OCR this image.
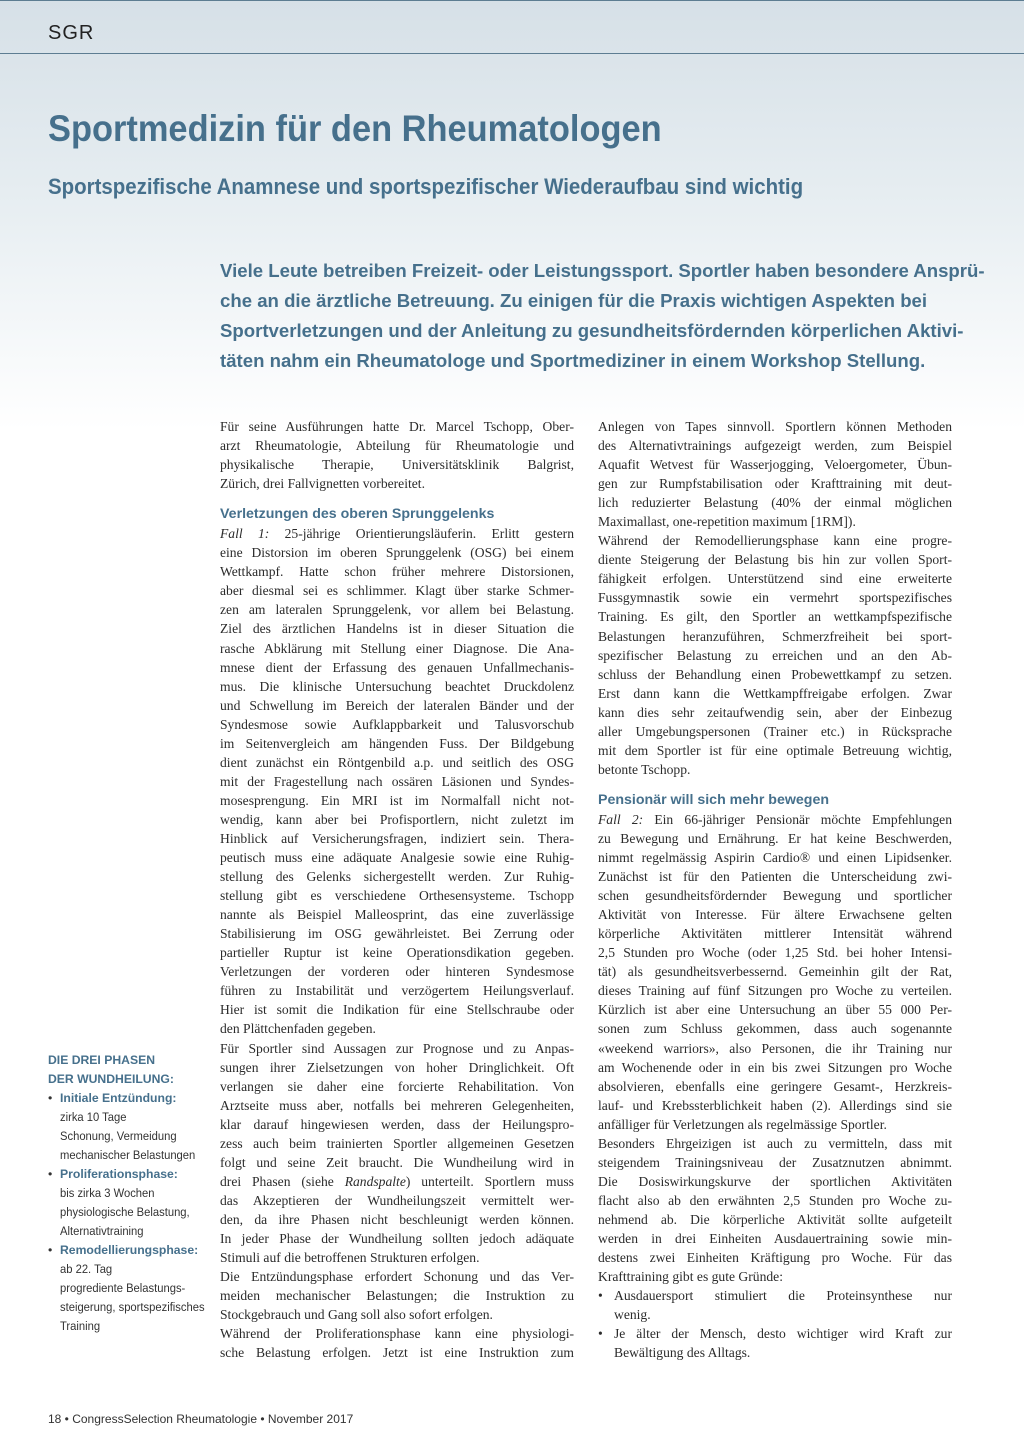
SGR
Sportmedizin für den Rheumatologen
Sportspezifische Anamnese und sportspezifischer Wiederaufbau sind wichtig
Viele Leute betreiben Freizeit- oder Leistungssport. Sportler haben besondere Ansprü-
che an die ärztliche Betreuung. Zu einigen für die Praxis wichtigen Aspekten bei
Sportverletzungen und der Anleitung zu gesundheitsfördernden körperlichen Aktivi-
täten nahm ein Rheumatologe und Sportmediziner in einem Workshop Stellung.
Für seine Ausführungen hatte Dr. Marcel Tschopp, Ober-
arzt Rheumatologie, Abteilung für Rheumatologie und
physikalische Therapie, Universitätsklinik Balgrist,
Zürich, drei Fallvignetten vorbereitet.
Verletzungen des oberen Sprunggelenks
Fall 1: 25-jährige Orientierungsläuferin. Erlitt gestern
eine Distorsion im oberen Sprunggelenk (OSG) bei einem
Wettkampf. Hatte schon früher mehrere Distorsionen,
aber diesmal sei es schlimmer. Klagt über starke Schmer-
zen am lateralen Sprunggelenk, vor allem bei Belastung.
Ziel des ärztlichen Handelns ist in dieser Situation die
rasche Abklärung mit Stellung einer Diagnose. Die Ana-
mnese dient der Erfassung des genauen Unfallmechanis-
mus. Die klinische Untersuchung beachtet Druckdolenz
und Schwellung im Bereich der lateralen Bänder und der
Syndesmose sowie Aufklappbarkeit und Talusvorschub
im Seitenvergleich am hängenden Fuss. Der Bildgebung
dient zunächst ein Röntgenbild a.p. und seitlich des OSG
mit der Fragestellung nach ossären Läsionen und Syndes-
mosesprengung. Ein MRI ist im Normalfall nicht not-
wendig, kann aber bei Profisportlern, nicht zuletzt im
Hinblick auf Versicherungsfragen, indiziert sein. Thera-
peutisch muss eine adäquate Analgesie sowie eine Ruhig-
stellung des Gelenks sichergestellt werden. Zur Ruhig-
stellung gibt es verschiedene Orthesensysteme. Tschopp
nannte als Beispiel Malleosprint, das eine zuverlässige
Stabilisierung im OSG gewährleistet. Bei Zerrung oder
partieller Ruptur ist keine Operationsdikation gegeben.
Verletzungen der vorderen oder hinteren Syndesmose
führen zu Instabilität und verzögertem Heilungsverlauf.
Hier ist somit die Indikation für eine Stellschraube oder
den Plättchenfaden gegeben.
Für Sportler sind Aussagen zur Prognose und zu Anpas-
sungen ihrer Zielsetzungen von hoher Dringlichkeit. Oft
verlangen sie daher eine forcierte Rehabilitation. Von
Arztseite muss aber, notfalls bei mehreren Gelegenheiten,
klar darauf hingewiesen werden, dass der Heilungspro-
zess auch beim trainierten Sportler allgemeinen Gesetzen
folgt und seine Zeit braucht. Die Wundheilung wird in
drei Phasen (siehe Randspalte) unterteilt. Sportlern muss
das Akzeptieren der Wundheilungszeit vermittelt wer-
den, da ihre Phasen nicht beschleunigt werden können.
In jeder Phase der Wundheilung sollten jedoch adäquate
Stimuli auf die betroffenen Strukturen erfolgen.
Die Entzündungsphase erfordert Schonung und das Ver-
meiden mechanischer Belastungen; die Instruktion zu
Stockgebrauch und Gang soll also sofort erfolgen.
Während der Proliferationsphase kann eine physiologi-
sche Belastung erfolgen. Jetzt ist eine Instruktion zum
Anlegen von Tapes sinnvoll. Sportlern können Methoden
des Alternativtrainings aufgezeigt werden, zum Beispiel
Aquafit Wetvest für Wasserjogging, Veloergometer, Übun-
gen zur Rumpfstabilisation oder Krafttraining mit deut-
lich reduzierter Belastung (40% der einmal möglichen
Maximallast, one-repetition maximum [1RM]).
Während der Remodellierungsphase kann eine progre-
diente Steigerung der Belastung bis hin zur vollen Sport-
fähigkeit erfolgen. Unterstützend sind eine erweiterte
Fussgymnastik sowie ein vermehrt sportspezifisches
Training. Es gilt, den Sportler an wettkampfspezifische
Belastungen heranzuführen, Schmerzfreiheit bei sport-
spezifischer Belastung zu erreichen und an den Ab-
schluss der Behandlung einen Probewettkampf zu setzen.
Erst dann kann die Wettkampffreigabe erfolgen. Zwar
kann dies sehr zeitaufwendig sein, aber der Einbezug
aller Umgebungspersonen (Trainer etc.) in Rücksprache
mit dem Sportler ist für eine optimale Betreuung wichtig,
betonte Tschopp.
Pensionär will sich mehr bewegen
Fall 2: Ein 66-jähriger Pensionär möchte Empfehlungen
zu Bewegung und Ernährung. Er hat keine Beschwerden,
nimmt regelmässig Aspirin Cardio® und einen Lipidsenker.
Zunächst ist für den Patienten die Unterscheidung zwi-
schen gesundheitsfördernder Bewegung und sportlicher
Aktivität von Interesse. Für ältere Erwachsene gelten
körperliche Aktivitäten mittlerer Intensität während
2,5 Stunden pro Woche (oder 1,25 Std. bei hoher Intensi-
tät) als gesundheitsverbessernd. Gemeinhin gilt der Rat,
dieses Training auf fünf Sitzungen pro Woche zu verteilen.
Kürzlich ist aber eine Untersuchung an über 55 000 Per-
sonen zum Schluss gekommen, dass auch sogenannte
«weekend warriors», also Personen, die ihr Training nur
am Wochenende oder in ein bis zwei Sitzungen pro Woche
absolvieren, ebenfalls eine geringere Gesamt-, Herzkreis-
lauf- und Krebssterblichkeit haben (2). Allerdings sind sie
anfälliger für Verletzungen als regelmässige Sportler.
Besonders Ehrgeizigen ist auch zu vermitteln, dass mit
steigendem Trainingsniveau der Zusatznutzen abnimmt.
Die Dosiswirkungskurve der sportlichen Aktivitäten
flacht also ab den erwähnten 2,5 Stunden pro Woche zu-
nehmend ab. Die körperliche Aktivität sollte aufgeteilt
werden in drei Einheiten Ausdauertraining sowie min-
destens zwei Einheiten Kräftigung pro Woche. Für das
Krafttraining gibt es gute Gründe:
• Ausdauersport stimuliert die Proteinsynthese nur
wenig.
• Je älter der Mensch, desto wichtiger wird Kraft zur
Bewältigung des Alltags.
DIE DREI PHASEN
DER WUNDHEILUNG:
• Initiale Entzündung:
zirka 10 Tage
Schonung, Vermeidung
mechanischer Belastungen
• Proliferationsphase:
bis zirka 3 Wochen
physiologische Belastung,
Alternativtraining
• Remodellierungsphase:
ab 22. Tag
progrediente Belastungs-
steigerung, sportspezifisches
Training
18 • CongressSelection Rheumatologie • November 2017
